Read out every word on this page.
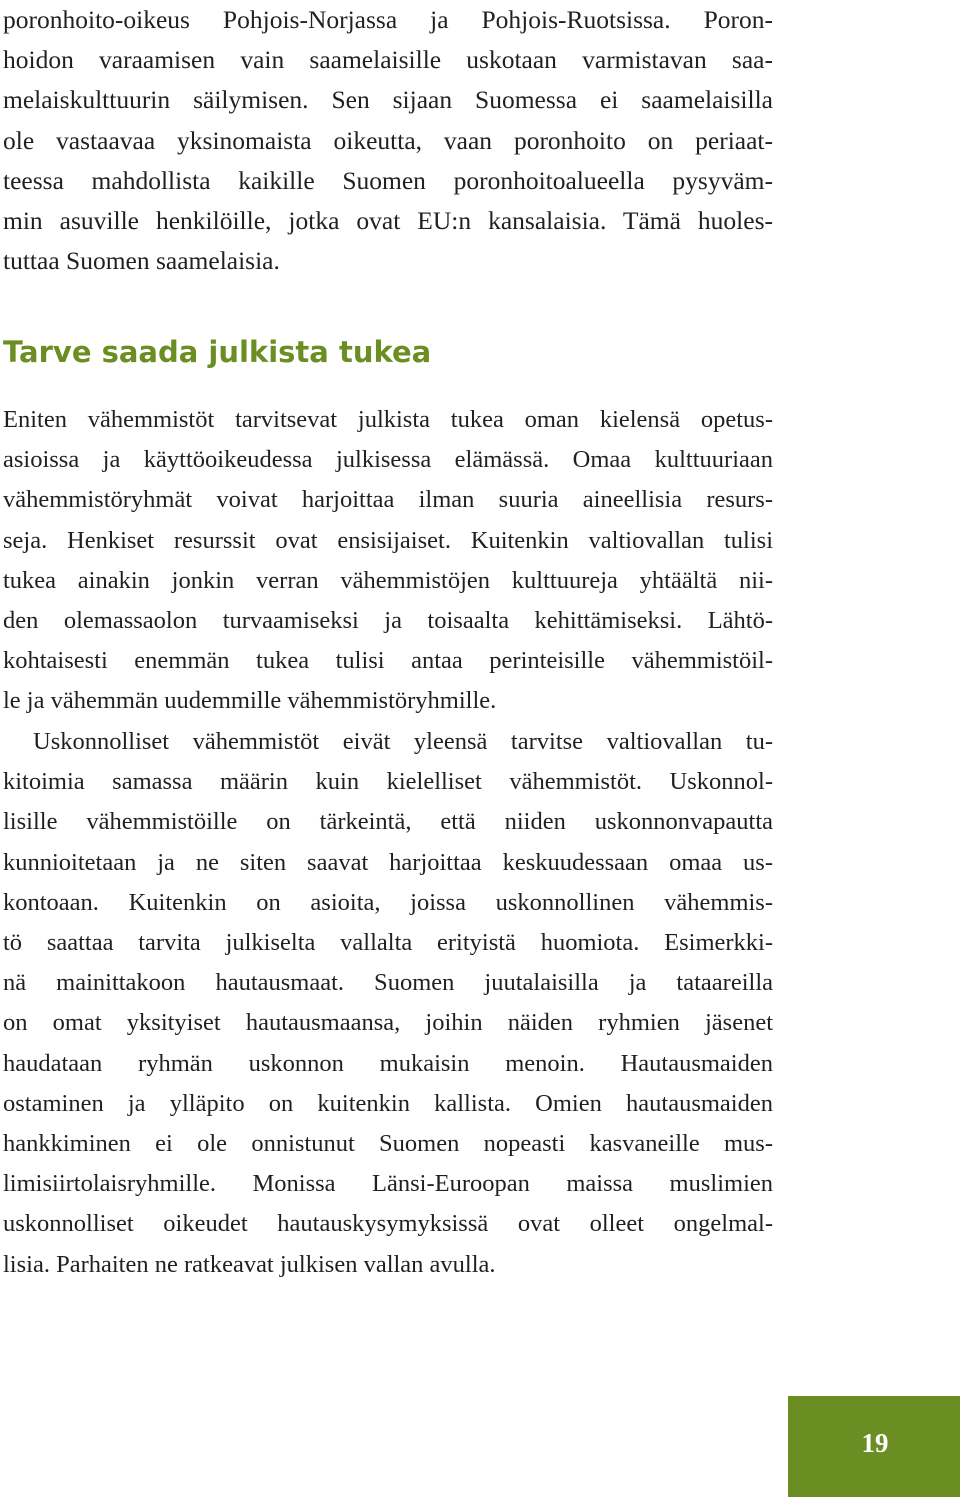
poronhoito-oikeus Pohjois-Norjassa ja Pohjois-Ruotsissa. Poron-
hoidon varaamisen vain saamelaisille uskotaan varmistavan saa-
melaiskulttuurin säilymisen. Sen sijaan Suomessa ei saamelaisilla
ole vastaavaa yksinomaista oikeutta, vaan poronhoito on periaat-
teessa mahdollista kaikille Suomen poronhoitoalueella pysyväm-
min asuville henkilöille, jotka ovat EU:n kansalaisia. Tämä huoles-
tuttaa Suomen saamelaisia.
Tarve saada julkista tukea
Eniten vähemmistöt tarvitsevat julkista tukea oman kielensä opetus-
asioissa ja käyttöoikeudessa julkisessa elämässä. Omaa kulttuuriaan
vähemmistöryhmät voivat harjoittaa ilman suuria aineellisia resurs-
seja. Henkiset resurssit ovat ensisijaiset. Kuitenkin valtiovallan tulisi
tukea ainakin jonkin verran vähemmistöjen kulttuureja yhtäältä nii-
den olemassaolon turvaamiseksi ja toisaalta kehittämiseksi. Lähtö-
kohtaisesti enemmän tukea tulisi antaa perinteisille vähemmistöil-
le ja vähemmän uudemmille vähemmistöryhmille.
Uskonnolliset vähemmistöt eivät yleensä tarvitse valtiovallan tu-
kitoimia samassa määrin kuin kielelliset vähemmistöt. Uskonnol-
lisille vähemmistöille on tärkeintä, että niiden uskonnonvapautta
kunnioitetaan ja ne siten saavat harjoittaa keskuudessaan omaa us-
kontoaan. Kuitenkin on asioita, joissa uskonnollinen vähemmis-
tö saattaa tarvita julkiselta vallalta erityistä huomiota. Esimerkki-
nä mainittakoon hautausmaat. Suomen juutalaisilla ja tataareilla
on omat yksityiset hautausmaansa, joihin näiden ryhmien jäsenet
haudataan ryhmän uskonnon mukaisin menoin. Hautausmaiden
ostaminen ja ylläpito on kuitenkin kallista. Omien hautausmaiden
hankkiminen ei ole onnistunut Suomen nopeasti kasvaneille mus-
limisiirtolaisryhmille. Monissa Länsi-Euroopan maissa muslimien
uskonnolliset oikeudet hautauskysymyksissä ovat olleet ongelmal-
lisia. Parhaiten ne ratkeavat julkisen vallan avulla.
19
